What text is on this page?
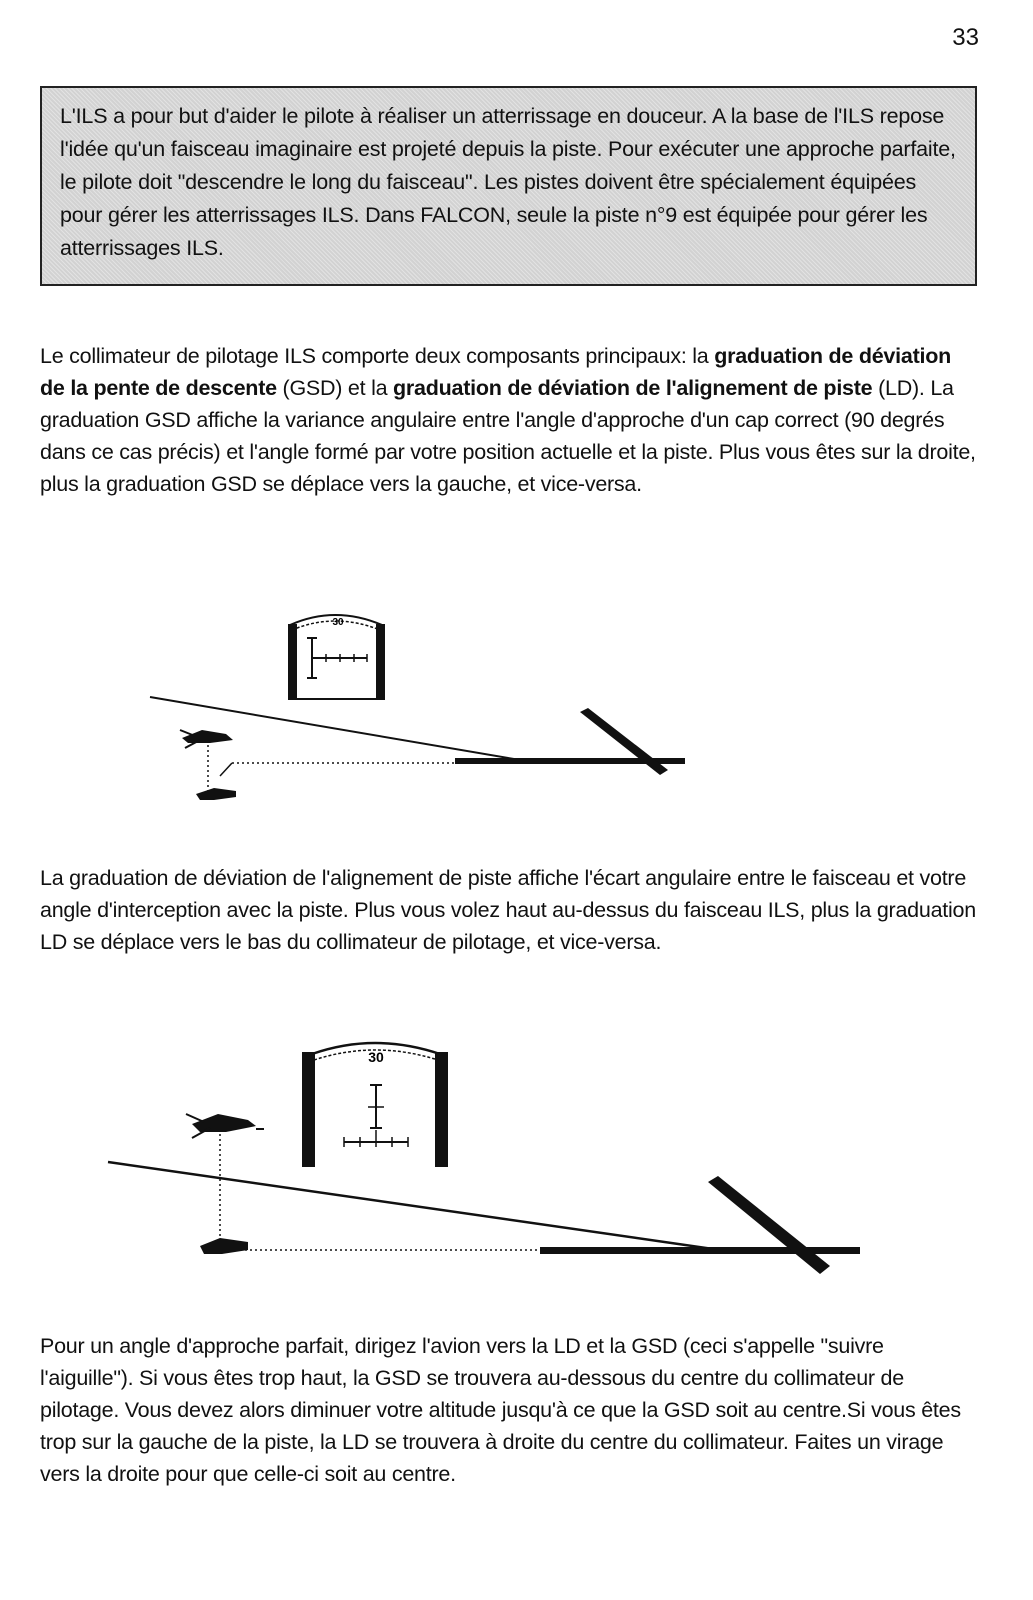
33
L'ILS a pour but d'aider le pilote à réaliser un atterrissage en douceur. A la base de l'ILS repose l'idée qu'un faisceau imaginaire est projeté depuis la piste. Pour exécuter une approche parfaite, le pilote doit "descendre le long du faisceau". Les pistes doivent être spécialement équipées pour gérer les atterrissages ILS. Dans FALCON, seule la piste n°9 est équipée pour gérer les atterrissages ILS.

Le collimateur de pilotage ILS comporte deux composants principaux: la graduation de déviation de la pente de descente (GSD) et la graduation de déviation de l'alignement de piste (LD). La graduation GSD affiche la variance angulaire entre l'angle d'approche d'un cap correct (90 degrés dans ce cas précis) et l'angle formé par votre position actuelle et la piste. Plus vous êtes sur la droite, plus la graduation GSD se déplace vers la gauche, et vice-versa.

30

La graduation de déviation de l'alignement de piste affiche l'écart angulaire entre le faisceau et votre angle d'interception avec la piste. Plus vous volez haut au-dessus du faisceau ILS, plus la graduation LD se déplace vers le bas du collimateur de pilotage, et vice-versa.

30

Pour un angle d'approche parfait, dirigez l'avion vers la LD et la GSD (ceci s'appelle "suivre l'aiguille"). Si vous êtes trop haut, la GSD se trouvera au-dessous du centre du collimateur de pilotage. Vous devez alors diminuer votre altitude jusqu'à ce que la GSD soit au centre.Si vous êtes trop sur la gauche de la piste, la LD se trouvera à droite du centre du collimateur. Faites un virage vers la droite pour que celle-ci soit au centre.
